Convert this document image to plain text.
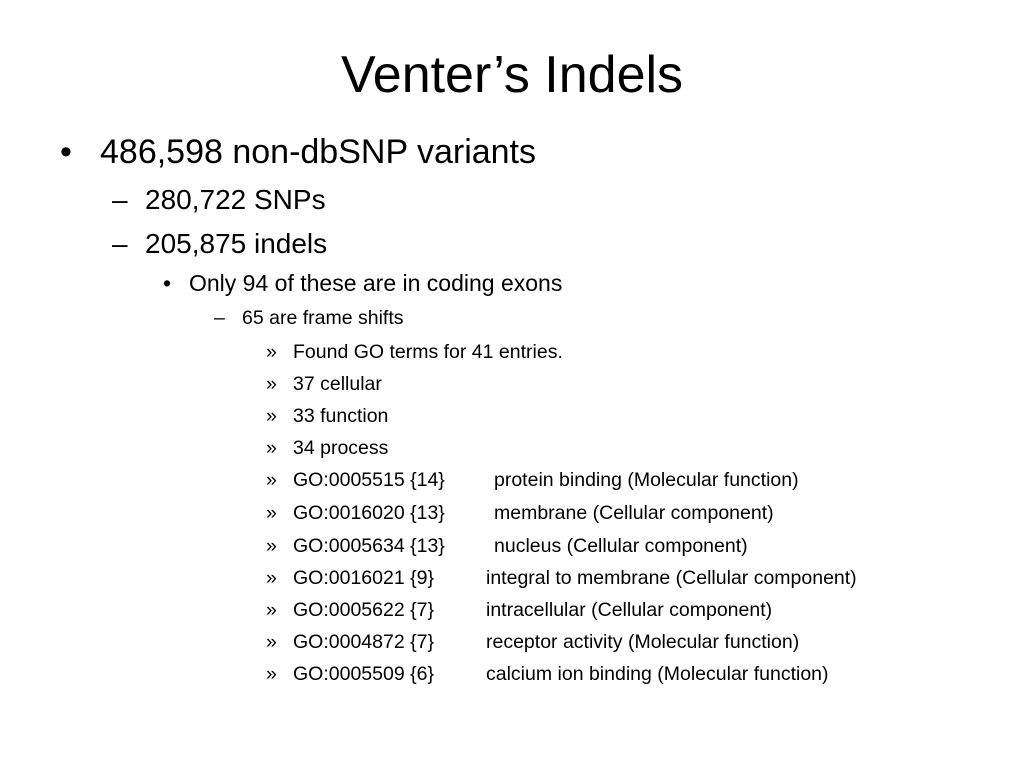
Venter’s Indels
• 486,598 non-dbSNP variants
– 280,722 SNPs
– 205,875 indels
• Only 94 of these are in coding exons
– 65 are frame shifts
» Found GO terms for 41 entries.
» 37 cellular
» 33 function
» 34 process
» GO:0005515 {14}	protein binding (Molecular function)
» GO:0016020 {13}	membrane (Cellular component)
» GO:0005634 {13}	nucleus (Cellular component)
» GO:0016021 {9}	integral to membrane (Cellular component)
» GO:0005622 {7}	intracellular (Cellular component)
» GO:0004872 {7}	receptor activity (Molecular function)
» GO:0005509 {6}	calcium ion binding (Molecular function)
